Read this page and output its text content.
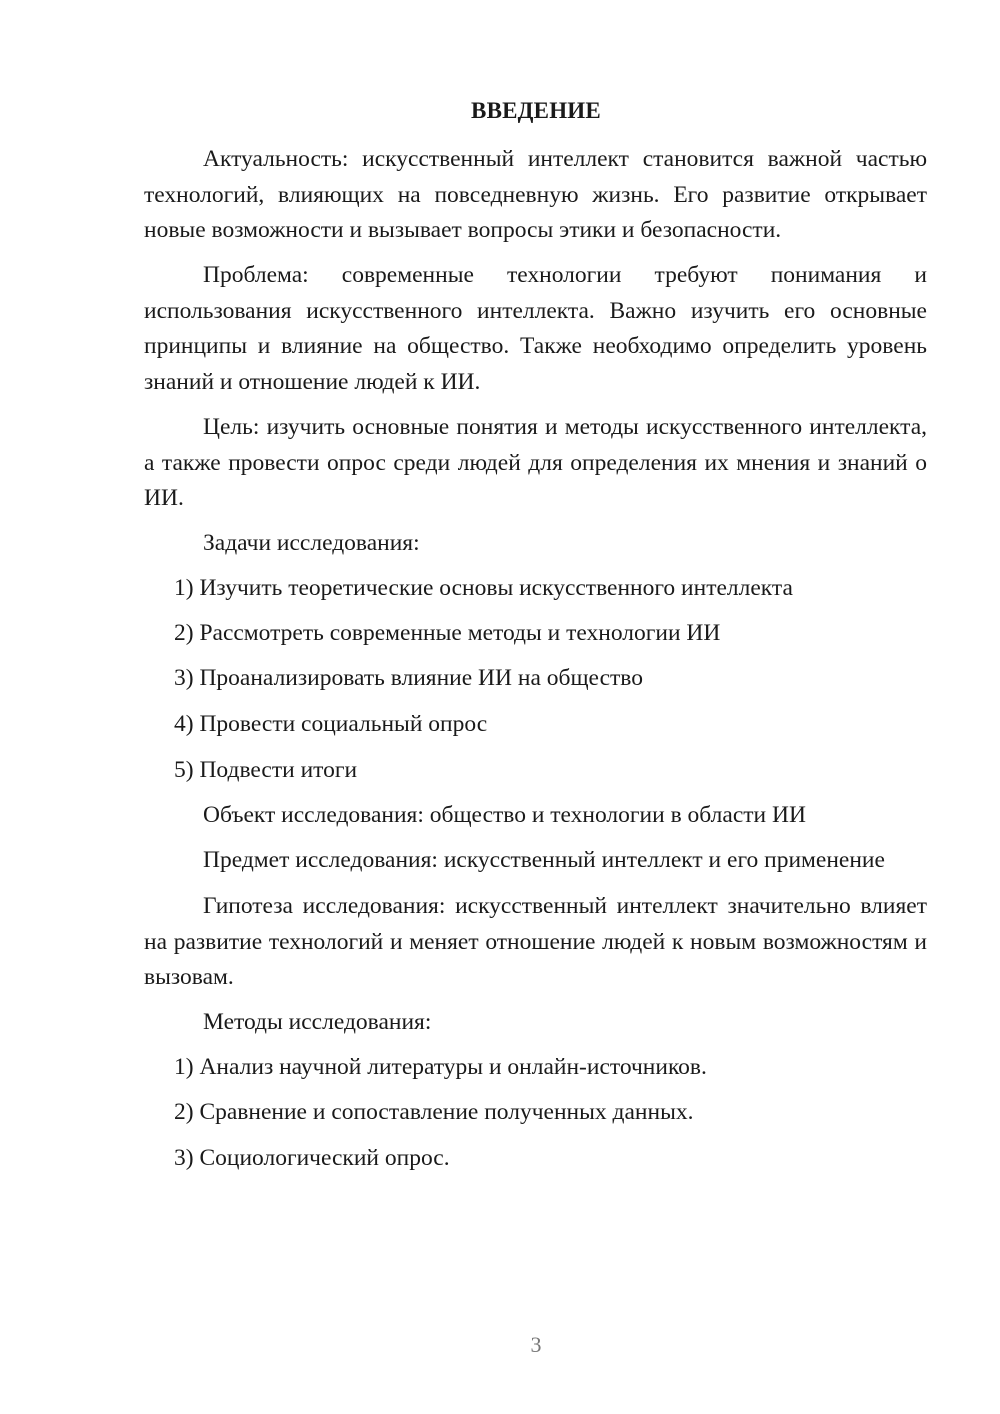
ВВЕДЕНИЕ
Актуальность: искусственный интеллект становится важной частью технологий, влияющих на повседневную жизнь. Его развитие открывает новые возможности и вызывает вопросы этики и безопасности.
Проблема: современные технологии требуют понимания и использования искусственного интеллекта. Важно изучить его основные принципы и влияние на общество. Также необходимо определить уровень знаний и отношение людей к ИИ.
Цель: изучить основные понятия и методы искусственного интеллекта, а также провести опрос среди людей для определения их мнения и знаний о ИИ.
Задачи исследования:
1) Изучить теоретические основы искусственного интеллекта
2) Рассмотреть современные методы и технологии ИИ
3) Проанализировать влияние ИИ на общество
4) Провести социальный опрос
5) Подвести итоги
Объект исследования: общество и технологии в области ИИ
Предмет исследования: искусственный интеллект и его применение
Гипотеза исследования: искусственный интеллект значительно влияет на развитие технологий и меняет отношение людей к новым возможностям и вызовам.
Методы исследования:
1) Анализ научной литературы и онлайн-источников.
2) Сравнение и сопоставление полученных данных.
3) Социологический опрос.
3
